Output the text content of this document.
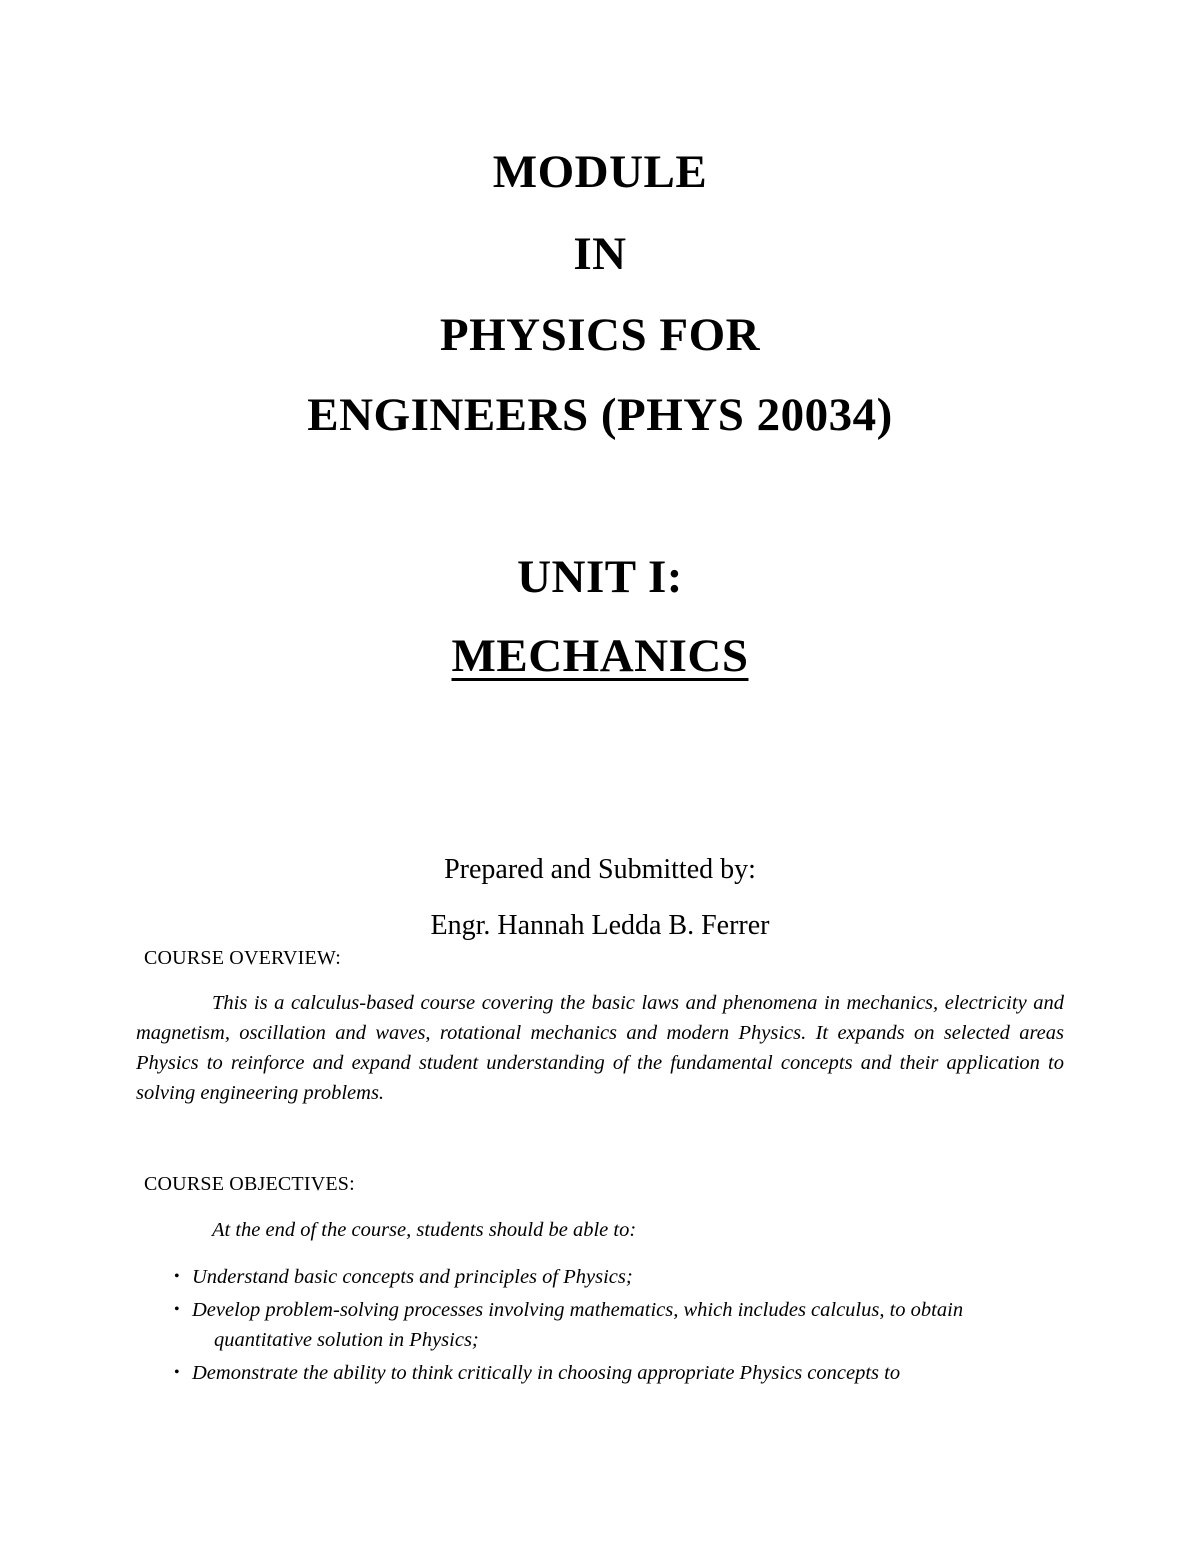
MODULE
IN
PHYSICS FOR
ENGINEERS (PHYS 20034)
UNIT I:
MECHANICS
Prepared and Submitted by:
Engr. Hannah Ledda B. Ferrer
COURSE OVERVIEW:

This is a calculus-based course covering the basic laws and phenomena in mechanics, electricity and magnetism, oscillation and waves, rotational mechanics and modern Physics. It expands on selected areas Physics to reinforce and expand student understanding of the fundamental concepts and their application to solving engineering problems.

COURSE OBJECTIVES:
At the end of the course, students should be able to:
• Understand basic concepts and principles of Physics;
• Develop problem-solving processes involving mathematics, which includes calculus, to obtain quantitative solution in Physics;
• Demonstrate the ability to think critically in choosing appropriate Physics concepts to
